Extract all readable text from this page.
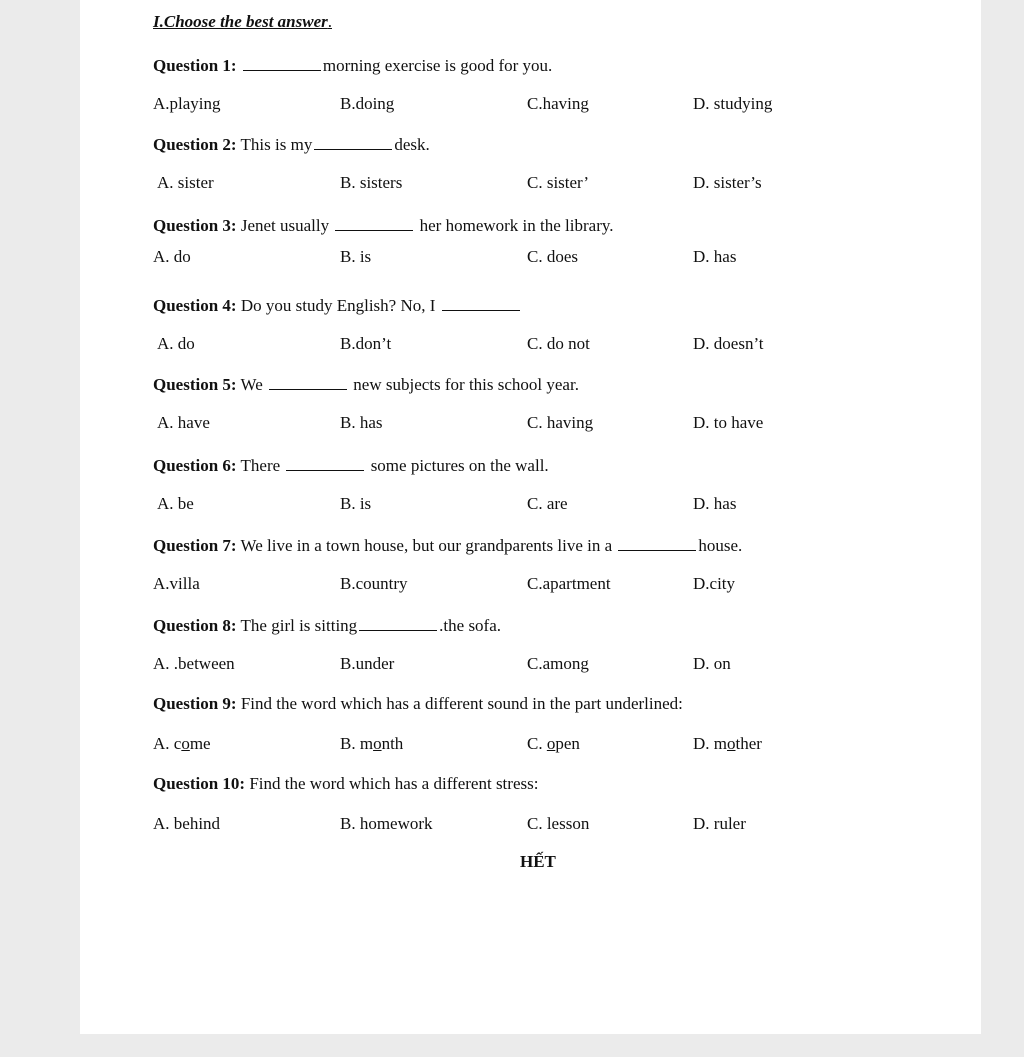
I.Choose the best answer.
Question 1:	morning exercise is good for you.
A.playing	B.doing	C.having	D. studying
Question 2: This is my	desk.
A. sister	B. sisters	C. sister’	D. sister’s
Question 3: Jenet usually	her homework in the library.
A. do	B. is	C. does	D. has
Question 4: Do you study English? No, I
A. do	B.don’t	C. do not	D. doesn’t
Question 5: We	new subjects for this school year.
A. have	B. has	C. having	D. to have
Question 6: There	some pictures on the wall.
A. be	B. is	C. are	D. has
Question 7: We live in a town house, but our grandparents live in a	house.
A.villa	B.country	C.apartment	D.city
Question 8: The girl is sitting	.the sofa.
A. .between	B.under	C.among	D. on
Question 9: Find the word which has a different sound in the part underlined:
A. come	B. month	C. open	D. mother
Question 10: Find the word which has a different stress:
A. behind	B. homework	C. lesson	D. ruler
HẾT
